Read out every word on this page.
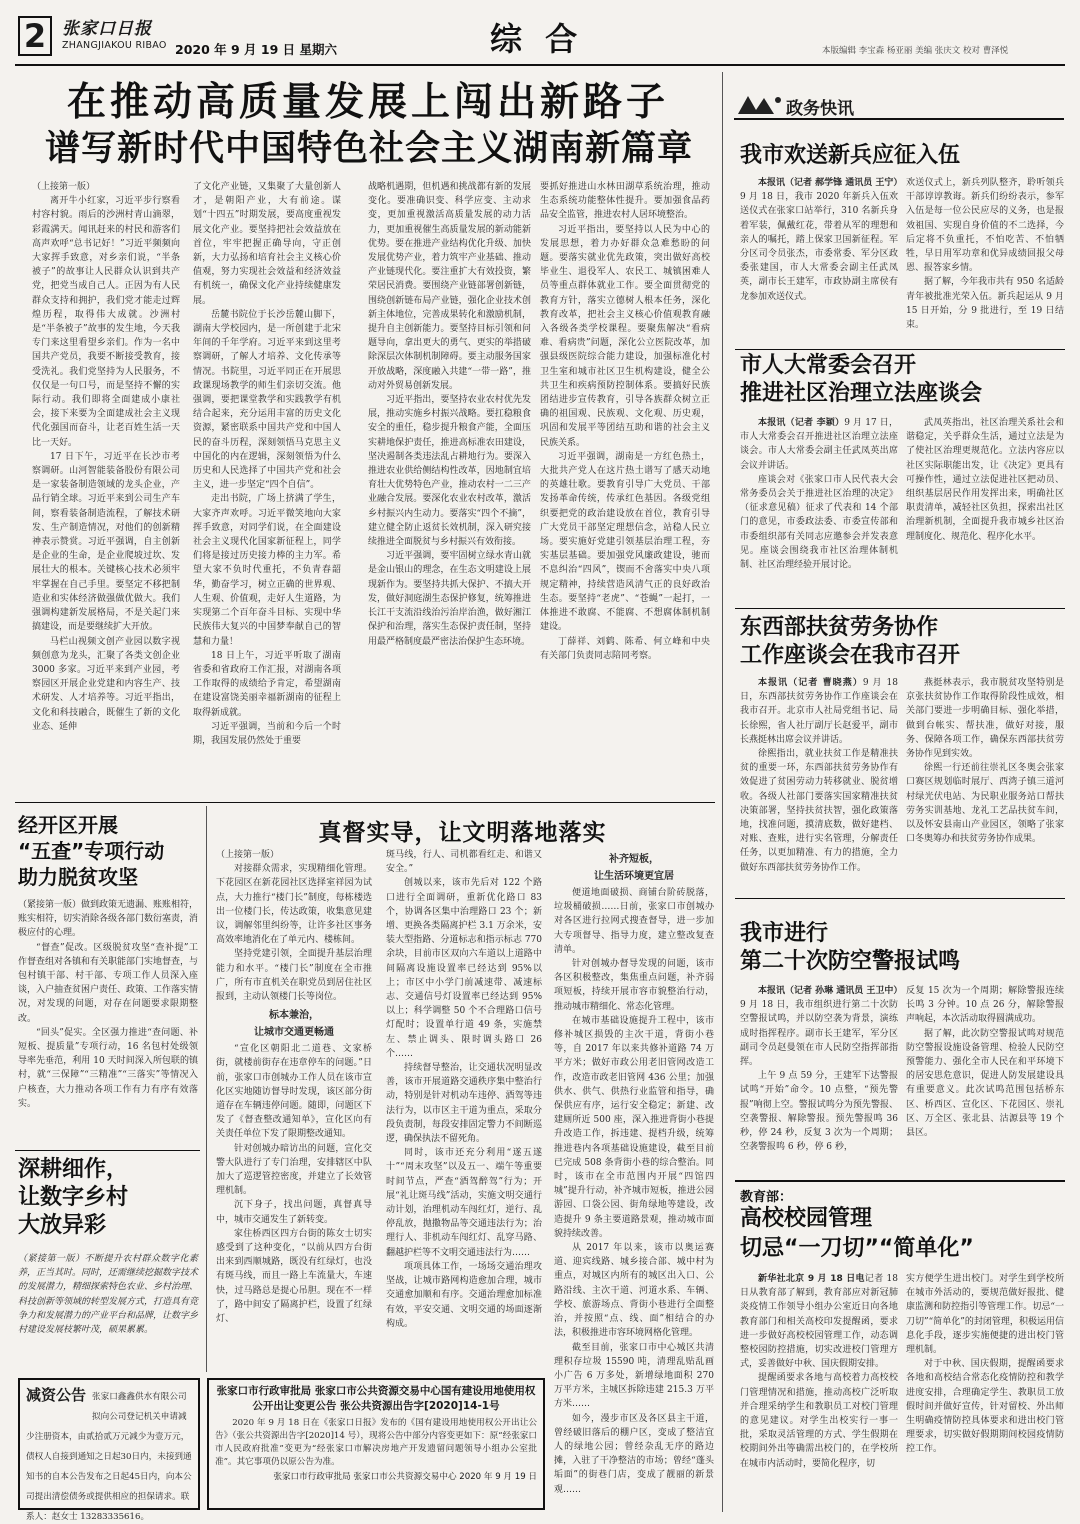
2 张家口日报
ZHANGJIAKOU RIBAO 2020 年 9 月 19 日 星期六	综 合	本版编辑 李宝森 杨亚丽 美编 张庆文 校对 曹泽悦
在推动高质量发展上闯出新路子
谱写新时代中国特色社会主义湖南新篇章

（上接第一版）

离开牛小红家，习近平步行察看村容村貌。雨后的沙洲村青山滴翠，彩霞满天。闻讯赶来的村民和游客们高声欢呼“总书记好！”习近平频频向大家挥手致意，对乡亲们说，“半条被子”的故事让人民群众认识到共产党，把党当成自己人。正因为有人民群众支持和拥护，我们党才能走过辉煌历程，取得伟大成就。沙洲村是“半条被子”故事的发生地，今天我专门来这里看望乡亲们。作为一名中国共产党员，我要不断接受教育，接受洗礼。我们党坚持为人民服务，不仅仅是一句口号，而是坚持不懈的实际行动。我们即将全面建成小康社会，接下来要为全面建成社会主义现代化强国而奋斗，让老百姓生活一天比一天好。

17 日下午，习近平在长沙市考察调研。山河智能装备股份有限公司是一家装备制造领域的龙头企业，产品行销全球。习近平来到公司生产车间，察看装备制造流程，了解技术研发、生产制造情况，对他们的创新精神表示赞赏。习近平强调，自主创新是企业的生命，是企业爬坡过坎、发展壮大的根本。关键核心技术必须牢牢掌握在自己手里。要坚定不移把制造业和实体经济做强做优做大。我们强调构建新发展格局，不是关起门来搞建设，而是要继续扩大开放。

马栏山视频文创产业园以数字视频创意为龙头，汇聚了各类文创企业 3000 多家。习近平来到产业园，考察园区开展企业党建和内容生产、技术研发、人才培养等。习近平指出，文化和科技融合，既催生了新的文化业态、延伸

了文化产业链，又集聚了大量创新人才，是朝阳产业，大有前途。谋划“十四五”时期发展，要高度重视发展文化产业。要坚持把社会效益放在首位，牢牢把握正确导向，守正创新，大力弘扬和培育社会主义核心价值观，努力实现社会效益和经济效益有机统一，确保文化产业持续健康发展。

岳麓书院位于长沙岳麓山脚下，湖南大学校园内，是一所创建于北宋年间的千年学府。习近平来到这里考察调研，了解人才培养、文化传承等情况。书院里，习近平同正在开展思政课现场教学的师生们亲切交流。他强调，要把课堂教学和实践教学有机结合起来，充分运用丰富的历史文化资源，紧密联系中国共产党和中国人民的奋斗历程，深刻领悟马克思主义中国化的内在逻辑，深刻领悟为什么历史和人民选择了中国共产党和社会主义，进一步坚定“四个自信”。

走出书院，广场上挤满了学生，大家齐声欢呼。习近平微笑地向大家挥手致意，对同学们说，在全面建设社会主义现代化国家新征程上，同学们将是接过历史接力棒的主力军。希望大家不负时代重托，不负青春韶华，勤奋学习，树立正确的世界观、人生观、价值观，走好人生道路，为实现第二个百年奋斗目标、实现中华民族伟大复兴的中国梦奉献自己的智慧和力量！

18 日上午，习近平听取了湖南省委和省政府工作汇报，对湖南各项工作取得的成绩给予肯定，希望湖南在建设富饶美丽幸福新湖南的征程上取得新成就。

习近平强调，当前和今后一个时期，我国发展仍然处于重要

战略机遇期，但机遇和挑战都有新的发展变化。要准确识变、科学应变、主动求变，更加重视激活高质量发展的动力活力，更加重视催生高质量发展的新动能新优势。要在推进产业结构优化升级、加快发展优势产业，着力筑牢产业基础、推动产业链现代化。要注重扩大有效投资，繁荣居民消费。要围绕产业链部署创新链，围绕创新链布局产业链，强化企业技术创新主体地位，完善成果转化和激励机制，提升自主创新能力。要坚持目标引领和问题导向，拿出更大的勇气、更实的举措破除深层次体制机制障碍。要主动服务国家开放战略，深度融入共建“一带一路”，推动对外贸易创新发展。

习近平指出，要坚持农业农村优先发展，推动实施乡村振兴战略。要扛稳粮食安全的重任，稳步提升粮食产能，全面压实耕地保护责任，推进高标准农田建设，坚决遏制各类违法乱占耕地行为。要深入推进农业供给侧结构性改革，因地制宜培育壮大优势特色产业，推动农村一二三产业融合发展。要深化农业农村改革，激活乡村振兴内生动力。要落实“四个不摘”，建立健全防止返贫长效机制，深入研究接续推进全面脱贫与乡村振兴有效衔接。

习近平强调，要牢固树立绿水青山就是金山银山的理念，在生态文明建设上展现新作为。要坚持共抓大保护、不搞大开发，做好洞庭湖生态保护修复，统筹推进长江干支流沿线治污治岸治渔，做好湘江保护和治理，落实生态保护责任制，坚持用最严格制度最严密法治保护生态环境。

要抓好推进山水林田湖草系统治理，推动生态系统功能整体性提升。要加强食品药品安全监管，推进农村人居环境整治。

习近平指出，要坚持以人民为中心的发展思想，着力办好群众急难愁盼的问题。要落实就业优先政策，突出做好高校毕业生、退役军人、农民工、城镇困难人员等重点群体就业工作。要全面贯彻党的教育方针，落实立德树人根本任务，深化教育改革，把社会主义核心价值观教育融入各级各类学校课程。要聚焦解决“看病难、看病贵”问题，深化公立医院改革，加强县级医院综合能力建设，加强标准化村卫生室和城市社区卫生机构建设，健全公共卫生和疾病预防控制体系。要搞好民族团结进步宣传教育，引导各族群众树立正确的祖国观、民族观、文化观、历史观，巩固和发展平等团结互助和谐的社会主义民族关系。

习近平强调，湖南是一方红色热土，大批共产党人在这片热土谱写了感天动地的英雄壮歌。要教育引导广大党员、干部发扬革命传统，传承红色基因。各级党组织要把党的政治建设放在首位，教育引导广大党员干部坚定理想信念，站稳人民立场。要实施好党建引领基层治理工程，夯实基层基础。要加强党风廉政建设，驰而不息纠治“四风”，锲而不舍落实中央八项规定精神，持续营造风清气正的良好政治生态。要坚持“老虎”、“苍蝇”一起打，一体推进不敢腐、不能腐、不想腐体制机制建设。

丁薛祥、刘鹤、陈希、何立峰和中央有关部门负责同志陪同考察。

政务快讯
我市欢送新兵应征入伍

本报讯（记者 郝学锋 通讯员 王宁）9 月 18 日，我市 2020 年新兵入伍欢送仪式在张家口站举行，310 名新兵身着军装，佩戴红花，带着从军的理想和亲人的嘱托，踏上保家卫国新征程。军分区司令员张杰，市委常委、军分区政委张建国，市人大常委会副主任武凤英，副市长王建军，市政协副主席侯有龙参加欢送仪式。

欢送仪式上，新兵列队整齐，聆听领兵干部谆谆教诲。新兵们纷纷表示，参军入伍是每一位公民应尽的义务，也是报效祖国、实现自身价值的不二选择，今后定将不负重托，不怕吃苦、不怕牺牲，早日用军功章和优异成绩回报父母恩、报答家乡情。

据了解，今年我市共有 950 名适龄青年被批准光荣入伍。新兵起运从 9 月 15 日开始，分 9 批进行，至 19 日结束。

市人大常委会召开
推进社区治理立法座谈会

本报讯（记者 李颖）9 月 17 日，市人大常委会召开推进社区治理立法座谈会。市人大常委会副主任武凤英出席会议并讲话。

座谈会对《张家口市人民代表大会常务委员会关于推进社区治理的决定》（征求意见稿）征求了代表和 14 个部门的意见，市委政法委、市委宣传部和市委组织部有关同志应邀参会并发表意见。座谈会围绕我市社区治理体制机制、社区治理经验开展讨论。

武凤英指出，社区治理关系社会和谐稳定，关乎群众生活，通过立法是为了使社区治理更规范化。立法内容应以社区实际职能出发，让《决定》更具有可操作性，通过立法促进社区把动员、组织基层居民作用发挥出来，明确社区职责清单，减轻社区负担，探索出社区治理新机制，全面提升我市城乡社区治理制度化、规范化、程序化水平。

东西部扶贫劳务协作
工作座谈会在我市召开

本报讯（记者 曹晓燕）9 月 18 日，东西部扶贫劳务协作工作座谈会在我市召开。北京市人社局党组书记、局长徐熙，省人社厅副厅长赵爱平，副市长燕挺林出席会议并讲话。

徐熙指出，就业扶贫工作是精准扶贫的重要一环，东西部扶贫劳务协作有效促进了贫困劳动力转移就业、脱贫增收。各级人社部门要落实国家精准扶贫决策部署，坚持扶贫扶智，强化政策落地，找准问题，摸清底数，做好建档、对账、查账，进行实名管理，分解责任任务，以更加精准、有力的措施，全力做好东西部扶贫劳务协作工作。

燕挺林表示，我市脱贫攻坚特别是京张扶贫协作工作取得阶段性成效，相关部门要进一步明确目标、强化举措，做到台帐实、帮扶准，做好对接，服务、保障各项工作，确保东西部扶贫劳务协作见到实效。

徐熙一行还前往崇礼区冬奥会张家口赛区规划临时展厅、西湾子镇三道河村绿光伏电站、为民职业服务站口帮扶劳务实训基地、龙礼工艺品扶贫车间，以及怀安县南山产业园区，领略了张家口冬奥筹办和扶贫劳务协作成果。

我市进行
第二十次防空警报试鸣

本报讯（记者 孙琳 通讯员 王卫中）9 月 18 日，我市组织进行第二十次防空警报试鸣，并以防空袭为背景，演练成时指挥程序。副市长王建军，军分区副司令员赵曼领在市人民防空指挥部指挥。

上午 9 点 59 分，王建军下达警报试鸣“开始”命令。10 点整，“预先警报”响彻上空。警报试鸣分为预先警报、空袭警报、解除警报。预先警报鸣 36 秒，停 24 秒，反复 3 次为一个周期；空袭警报鸣 6 秒，停 6 秒，

反复 15 次为一个周期；解除警报连续长鸣 3 分钟。10 点 26 分，解除警报声响起，本次活动取得圆满成功。

据了解，此次防空警报试鸣对规范防空警报设施设备管理、检验人民防空预警能力、强化全市人民在和平环境下的居安思危意识，促进人防发展建设具有重要意义。此次试鸣范围包括桥东区、桥西区、宣化区、下花园区、崇礼区、万全区、张北县、沽源县等 19 个县区。

教育部：
高校校园管理
切忌“一刀切”“简单化”

新华社北京 9 月 18 日电记者 18 日从教育部了解到，教育部应对新冠肺炎疫情工作领导小组办公室近日向各地教育部门和相关高校印发提醒函，要求进一步做好高校校园管理工作，动态调整校园防控措施，切实改进校门管理方式，妥善做好中秋、国庆假期安排。

提醒函要求各地与高校着力高校校门管理情况和措施，推动高校广泛听取并合理采纳学生和教职员工对校门管理的意见建议。对学生出校实行一事一批，采取灵活管理的方式、学生假期在校期间外出等确需出校门的，在学校所在城市内活动时，要简化程序，切

实方便学生进出校门。对学生到学校所在城市外活动的，要规范做好报批、健康监测和防控指引等管理工作。切忌“一刀切”“简单化”的封闭管理，积极运用信息化手段，逐步实施便捷的进出校门管理机制。

对于中秋、国庆假期，提醒函要求各地和高校结合常态化疫情防控和教学进度安排，合理确定学生、教职员工放假时间并做好宣传，针对留校、外出师生明确疫情防控具体要求和进出校门管理要求，切实做好假期期间校园疫情防控工作。

经开区开展
“五查”专项行动
助力脱贫攻坚

（紧接第一版）做到政策无遗漏、账账相符，账实相符，切实消除各级各部门数衍塞责，消极应付的心理。

“督查”促改。区级脱贫攻坚“查补提”工作督查组对各镇和有关职能部门实地督查，与包村镇干部、村干部、专项工作人员深入座谈，入户抽查贫困户责任、政策、工作落实情况，对发现的问题，对存在问题要求限期整改。

“回头”促实。全区强力推进“查问题、补短板、提质量”专项行动，16 名包村处级领导率先垂范，利用 10 天时间深入所包联的镇村，就“三保障”“三精准”“三落实”等情况入户核查，大力推动各项工作有力有序有效落实。

深耕细作，
让数字乡村
大放异彩

（紧接第一版）不断提升农村群众数字化素养，正当其时。同时，还需继续挖掘数字技术的发展潜力，精细探索特色农业、乡村治理、科技创新等领域的转型发展方式，打造具有竞争力和发展潜力的产业平台和品牌，让数字乡村建设发展枝繁叶茂，硕果累累。

真督实导，让文明落地落实

（上接第一版）

对接群众需求，实现精细化管理。下花园区在新花园社区选择室祥园为试点，大力推行“楼门长”制度，每栋楼选出一位楼门长，传达政策，收集意见建议，调解邻里纠纷等，让许多社区事务高效率地消化在了单元内、楼栋间。

坚持党建引领，全面提升基层治理能力和水平。“楼门长”制度在全市推广，所有市直机关在职党员到居住社区报到，主动认领楼门长等岗位。

标本兼治，

让城市交通更畅通

“宣化区朝阳北二道巷、文家桥街，就楼前街存在违章停车的问题。”日前，张家口市创城办工作人员在该市宣化区实地随访督导时发现，该区部分街道存在车辆违停问题。随即，问题区下发了《督查整改通知单》，宣化区向有关责任单位下发了限期整改通知。

针对创城办暗访出的问题，宣化交警大队进行了专门治理，安排辖区中队加大了巡逻管控密度，并建立了长效管理机制。

沉下身子，找出问题，真督真导中，城市交通发生了新转变。

家住桥西区四方台街的陈女士切实感受到了这种变化，“以前从四方台街出来到西顺城路，既没有红绿灯，也没有斑马线，而且一路上车流量大，车速快，过马路总是提心吊胆。现在不一样了，路中间安了隔离护栏，设置了红绿灯、

斑马线，行人、司机都看红走、和谐又安全。”

创城以来，该市先后对 122 个路口进行全面调研，重新优化路口 83 个，协调各区集中治理路口 23 个；新增、更换各类隔离护栏 3.1 万余米，安装大型指路、分道标志和指示标志 770 余块，目前市区双向六车道以上道路中间隔离设施设置率已经达到 95%以上；市区中小学门前减速带、减速标志、交通信号灯设置率已经达到 95%以上；科学调整 50 个不合理路口信号灯配时；设置单行道 49 条，实施禁左、禁止调头、限时调头路口 26 个……

持续督导整治，让交通状况明显改善，该市开展道路交通秩序集中整治行动，特别是针对机动车违停、酒驾等违法行为，以市区主干道为重点，采取分段负责制，每段安排固定警力不间断巡逻，确保执法不留死角。

同时，该市还充分利用“遂五遂十”“周末攻坚”以及五一、端午等重要时间节点，严查“酒驾醉驾”行为；开展“礼让斑马线”活动，实施文明交通行动计划，治理机动车闯红灯，逆行、乱停乱放，抛撒物品等交通违法行为；治理行人、非机动车闯红灯、乱穿马路、翻越护栏等不文明交通违法行为……

项项具体工作，一场场交通治理攻坚战，让城市路网构造愈加合理，城市交通愈加顺和有序。交通治理愈加标准有效，平安交通、文明交通的场面逐渐构成。

补齐短板，

让生活环境更宜居

便道地面破损、商铺台阶砖脱落，垃圾桶破损……日前，张家口市创城办对各区进行拉网式搜查督导，进一步加大专项督导、指导力度，建立整改复查清单。

针对创城办督导发现的问题，该市各区积极整改，集焦重点问题，补齐弱项短板，持续开展市容市貌整治行动，推动城市精细化、常态化管理。

在城市基础设施提升工程中，该市修补城区损毁的主次干道，背街小巷等，自 2017 年以来共修补道路 74 万平方米；做好市政公用老旧管网改造工作，改造市政老旧管网 436 公里；加强供水、供气、供热行业监管和指导，确保供应有序，运行安全稳定；新建、改建厕所近 500 座，深入推进背街小巷提升改造工作，拆违建、提档升级，统筹推进巷内各项基础设施建设，截至目前已完成 508 条背街小巷的综合整治。同时，该市在全市范围内开展“四馆四城”提升行动，补齐城市短板，推进公园游园、口袋公园、街角绿地等建设，改造提升 9 条主要道路景观，推动城市面貌持续改善。

从 2017 年以来，该市以奥运赛道、迎宾线路、城乡接合部、城中村为重点，对城区内所有的城区出入口、公路沿线、主次干道、河道水系、车辆、学校、旅游场点、背街小巷进行全面整治，并按照“点、线、面”相结合的办法，积极推进市容环境网格化管理。

截至目前，张家口市中心城区共清理积存垃圾 15590 吨，清理乱贴乱画小广告 6 万多处，新增绿地面积 270 万平方米，主城区拆除违建 215.3 万平方米……

如今，漫步市区及各区县主干道，曾经破旧落后的棚户区，变成了整洁宜人的绿地公园；曾经杂乱无序的路边摊，入驻了干净整洁的市场；曾经“蓬头垢面”的街巷门店，变成了靓丽的新景观……

减资公告 张家口鑫鑫供水有限公司拟向公司登记机关申请减少注册资本，由贰拾贰万元减少为壹万元，债权人自接到通知之日起30日内，未接到通知书的自本公告发布之日起45日内，向本公司提出清偿债务或提供相应的担保请求。联系人：赵女士 13283335616。
张家口市行政审批局 张家口市公共资源交易中心国有建设用地使用权公开出让变更公告 张公共资源出告字[2020]14-1号
2020 年 9 月 18 日在《张家口日报》发布的《国有建设用地使用权公开出让公告》（张公共资源出告字[2020]14 号），现将公告中部分内容变更如下：原“经张家口市人民政府批准”变更为“经张家口市解决房地产开发遗留问题领导小组办公室批准”。其它事项仍以原公告为准。
张家口市行政审批局 张家口市公共资源交易中心 2020 年 9 月 19 日
